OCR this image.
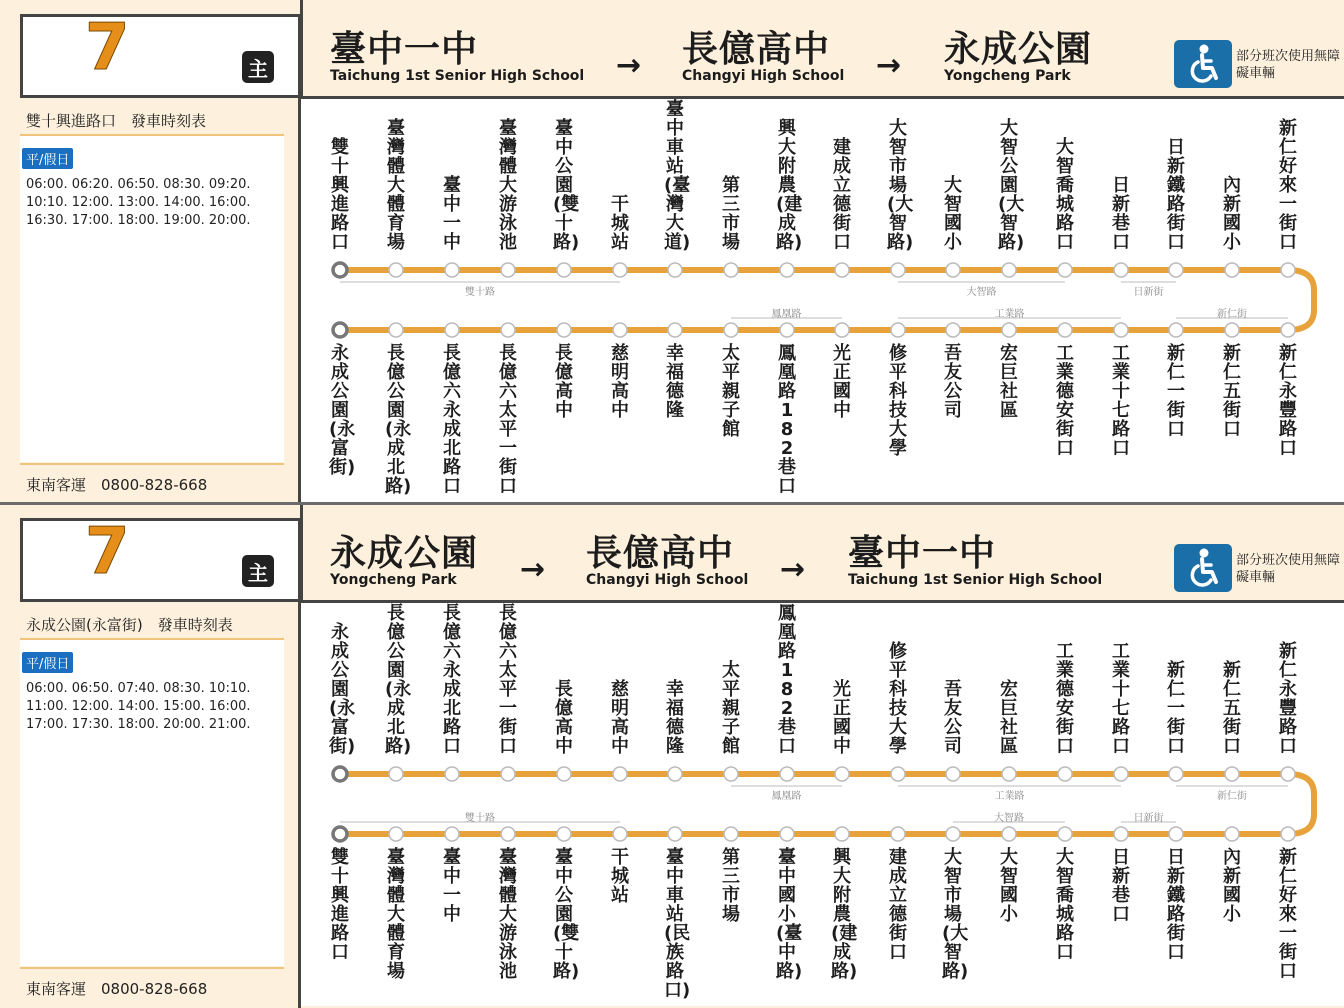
7	主
雙十興進路口　發車時刻表
平/假日
06:00. 06:20. 06:50. 08:30. 09:20.
10:10. 12:00. 13:00. 14:00. 16:00.
16:30. 17:00. 18:00. 19:00. 20:00.
東南客運　0800-828-668
臺中一中
Taichung 1st Senior High School → 長億高中
Changyi High School → 永成公園
Yongcheng Park
部分班次使用無障礙車輛
雙十路	大智路	日新街
鳳凰路	工業路	新仁街
雙十興進路口
臺灣體大體育場
臺中一中
臺灣體大游泳池
臺中公園(雙十路)
干城站
臺中車站(臺灣大道)
第三市場
興大附農(建成路)
建成立德街口
大智市場(大智路)
大智國小
大智公園(大智路)
大智喬城路口
日新巷口
日新鐵路街口
內新國小
新仁好來一街口
永成公園(永富街)
長億公園(永成北路)
長億六永成北路口
長億六太平一街口
長億高中
慈明高中
幸福德隆
太平親子館
鳳凰路182巷口
光正國中
修平科技大學
吾友公司
宏巨社區
工業德安街口
工業十七路口
新仁一街口
新仁五街口
新仁永豐路口
7	主
永成公園(永富街)　發車時刻表
平/假日
06:00. 06:50. 07:40. 08:30. 10:10.
11:00. 12:00. 14:00. 15:00. 16:00.
17:00. 17:30. 18:00. 20:00. 21:00.
東南客運　0800-828-668
永成公園
Yongcheng Park	→ 長億高中
Changyi High School → 臺中一中
Taichung 1st Senior High School
部分班次使用無障礙車輛
鳳凰路	工業路	新仁街
雙十路	大智路	日新街
永成公園(永富街)
長億公園(永成北路)
長億六永成北路口
長億六太平一街口
長億高中
慈明高中
幸福德隆
太平親子館
鳳凰路182巷口
光正國中
修平科技大學
吾友公司
宏巨社區
工業德安街口
工業十七路口
新仁一街口
新仁五街口
新仁永豐路口
雙十興進路口
臺灣體大體育場
臺中一中
臺灣體大游泳池
臺中公園(雙十路)
干城站
臺中車站(民族路口)
第三市場
臺中國小(臺中路)
興大附農(建成路)
建成立德街口
大智市場(大智路)
大智國小
大智喬城路口
日新巷口
日新鐵路街口
內新國小
新仁好來一街口
